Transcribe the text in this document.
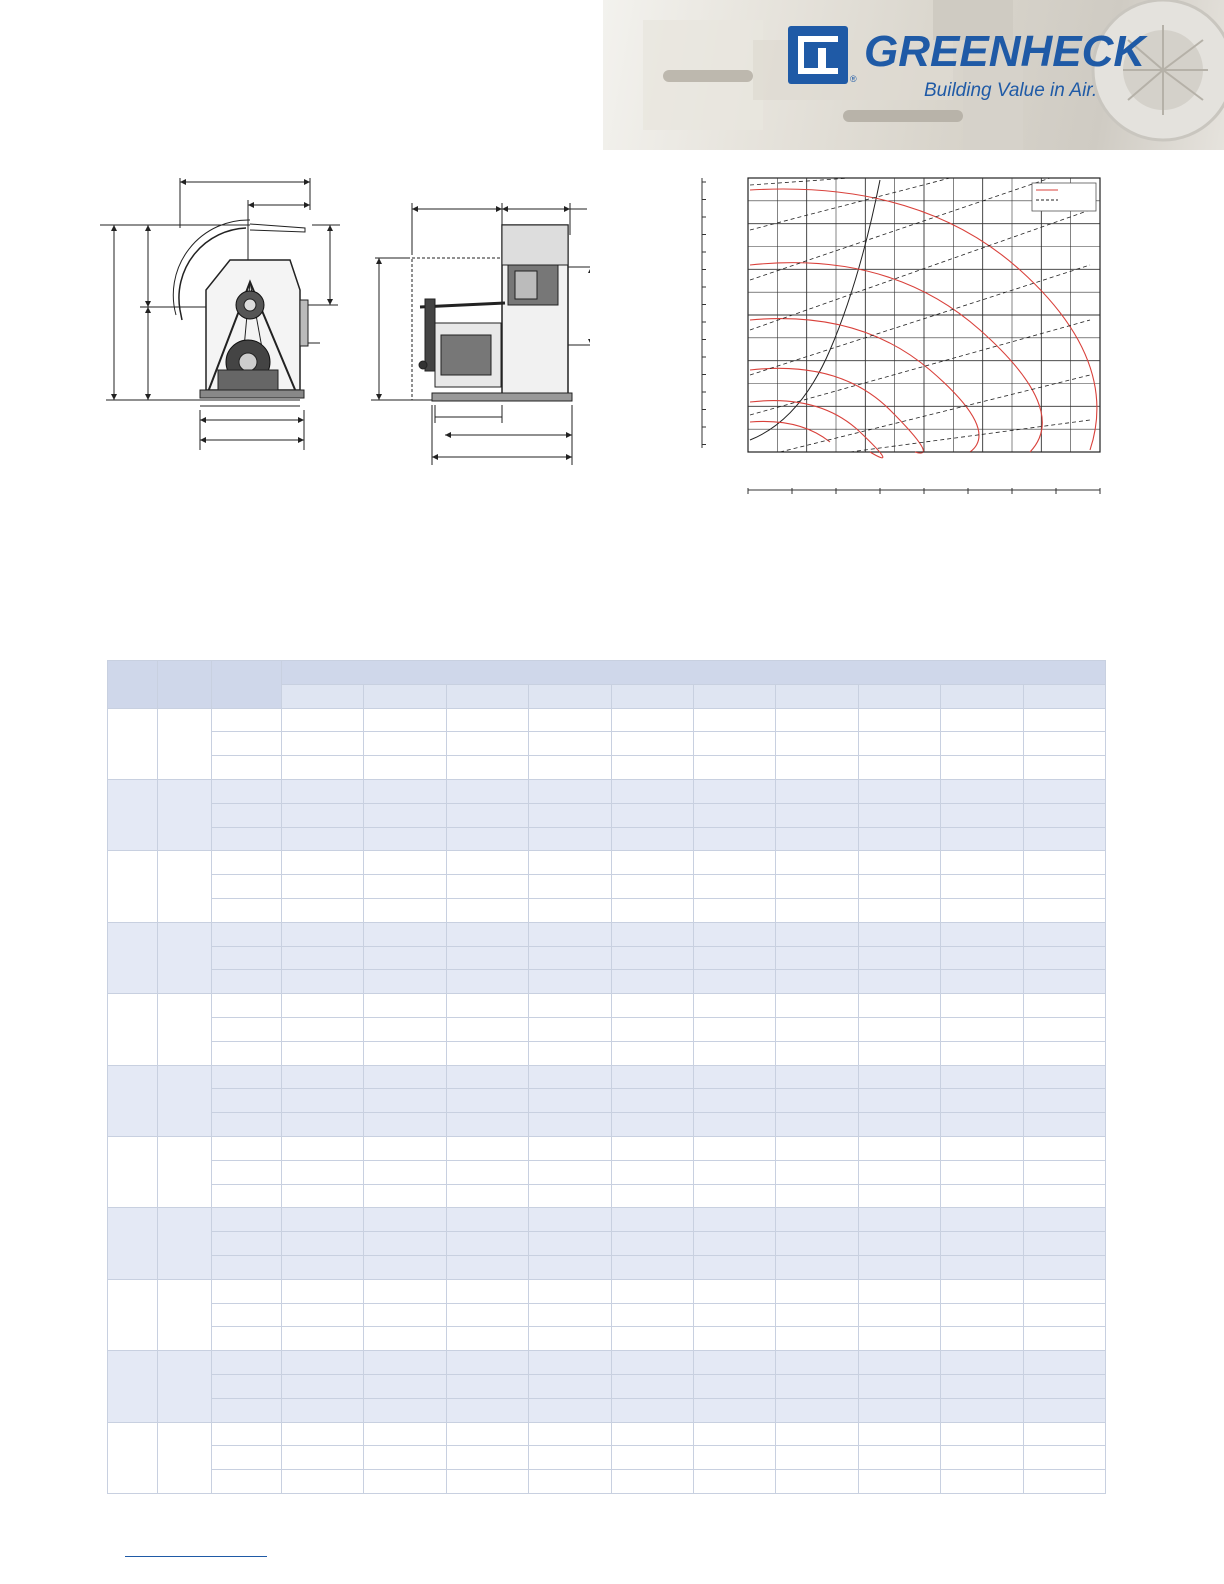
®
GREENHECK
Building Value in Air.
